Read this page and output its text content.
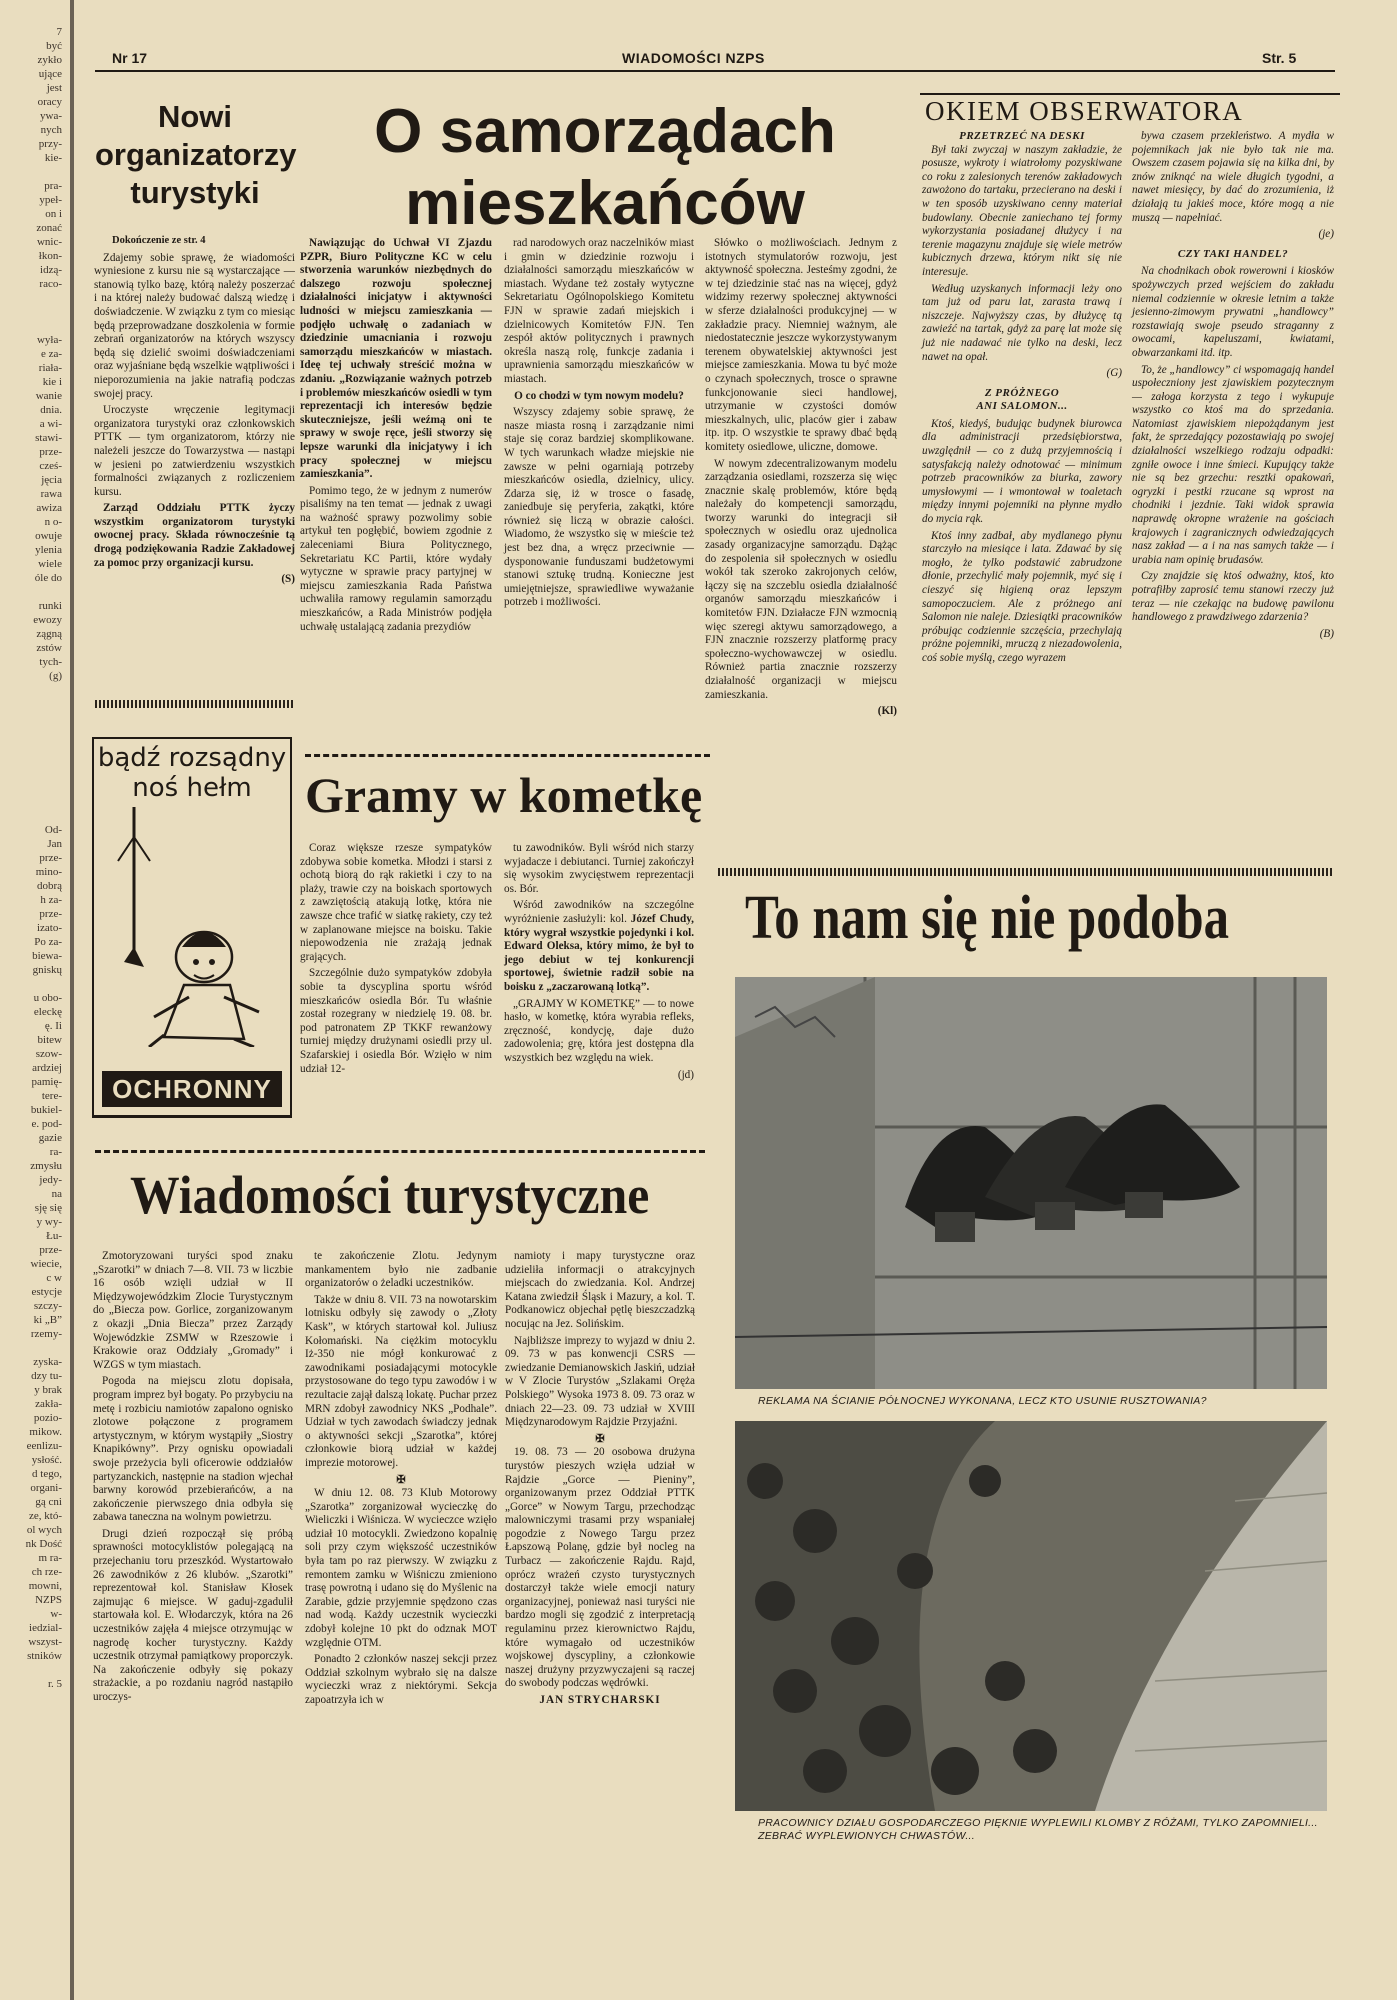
7
być
zykło
ujące
jest
oracy
ywa-
nych
przy-
kie-
pra-
ypeł-
on i
zonać
wnic-
łkon-
idzą-
raco-
wyła-
e za-
riała-
kie i
wanie
dnia.
a wi-
stawi-
prze-
cześ-
jęcia
rawa
awiza
n o-
owuje
ylenia
wiele
óle do
runki
ewozy
zągną
zstów
tych-
(g)
Od-
Jan
prze-
mino-
dobrą
h za-
prze-
izato-
Po za-
biewa-
gniskų
u obo-
eleckę
ę. Ii
bitew
szow-
ardziej
pamię-
tere-
bukiel-
e. pod-
gazie
ra-
zmysłu
jedy-
na
sję się
y wy-
Łu-
prze-
wiecie,
c w
estycje
szczy-
ki „B”
rzemy-
zyska-
dzy tu-
y brak
zakła-
pozio-
mikow.
eenlizu-
ysłość.
d tego,
organi-
gą cni
ze, któ-
ol wych
nk Dość
m ra-
ch rze-
mowni,
NZPS
w-
iedzial-
wszyst-
stników
r. 5
Nr 17	WIADOMOŚCI NZPS	Str. 5
Nowi
organizatorzy
turystyki
Dokończenie ze str. 4

Zdajemy sobie sprawę, że wiadomości wyniesione z kursu nie są wystarczające — stanowią tylko bazę, którą należy poszerzać i na której należy budować dalszą wiedzę i doświadczenie. W związku z tym co miesiąc będą przeprowadzane doszkolenia w formie zebrań organizatorów na których wszyscy będą się dzielić swoimi doświadczeniami oraz wyjaśniane będą wszelkie wątpliwości i nieporozumienia na jakie natrafią podczas swojej pracy.

Uroczyste wręczenie legitymacji organizatora turystyki oraz członkowskich PTTK — tym organizatorom, którzy nie należeli jeszcze do Towarzystwa — nastąpi w jesieni po zatwierdzeniu wszystkich formalności związanych z rozliczeniem kursu.

Zarząd Oddziału PTTK życzy wszystkim organizatorom turystyki owocnej pracy. Składa równocześnie tą drogą podziękowania Radzie Zakładowej za pomoc przy organizacji kursu.

(S)
bądź rozsądny
noś hełm
OCHRONNY
O samorządach
mieszkańców

Nawiązując do Uchwał VI Zjazdu PZPR, Biuro Polityczne KC w celu stworzenia warunków niezbędnych do dalszego rozwoju społecznej działalności inicjatyw i aktywności ludności w miejscu zamieszkania — podjęło uchwałę o zadaniach w dziedzinie umacniania i rozwoju samorządu mieszkańców w miastach. Ideę tej uchwały streścić można w zdaniu. „Rozwiązanie ważnych potrzeb i problemów mieszkańców osiedli w tym reprezentacji ich interesów będzie skuteczniejsze, jeśli weźmą oni te sprawy w swoje ręce, jeśli stworzy się lepsze warunki dla inicjatywy i ich pracy społecznej w miejscu zamieszkania”.

Pomimo tego, że w jednym z numerów pisaliśmy na ten temat — jednak z uwagi na ważność sprawy pozwolimy sobie artykuł ten pogłębić, bowiem zgodnie z zaleceniami Biura Politycznego, Sekretariatu KC Partii, które wydały wytyczne w sprawie pracy partyjnej w miejscu zamieszkania Rada Państwa uchwaliła ramowy regulamin samorządu mieszkańców, a Rada Ministrów podjęła uchwałę ustalającą zadania prezydiów

rad narodowych oraz naczelników miast i gmin w dziedzinie rozwoju i działalności samorządu mieszkańców w miastach. Wydane też zostały wytyczne Sekretariatu Ogólnopolskiego Komitetu FJN w sprawie zadań miejskich i dzielnicowych Komitetów FJN. Ten zespół aktów politycznych i prawnych określa naszą rolę, funkcje zadania i uprawnienia samorządu mieszkańców w miastach.

O co chodzi w tym nowym modelu?

Wszyscy zdajemy sobie sprawę, że nasze miasta rosną i zarządzanie nimi staje się coraz bardziej skomplikowane. W tych warunkach władze miejskie nie zawsze w pełni ogarniają potrzeby mieszkańców osiedla, dzielnicy, ulicy. Zdarza się, iż w trosce o fasadę, zaniedbuje się peryferia, zakątki, które również się liczą w obrazie całości. Wiadomo, że wszystko się w mieście też jest bez dna, a wręcz przeciwnie — dysponowanie funduszami budżetowymi stanowi sztukę trudną. Konieczne jest umiejętniejsze, sprawiedliwe wyważanie potrzeb i możliwości.

Słówko o możliwościach. Jednym z istotnych stymulatorów rozwoju, jest aktywność społeczna. Jesteśmy zgodni, że w tej dziedzinie stać nas na więcej, gdyż widzimy rezerwy społecznej aktywności w sferze działalności produkcyjnej — w zakładzie pracy. Niemniej ważnym, ale niedostatecznie jeszcze wykorzystywanym terenem obywatelskiej aktywności jest miejsce zamieszkania. Mowa tu być może o czynach społecznych, trosce o sprawne funkcjonowanie sieci handlowej, utrzymanie w czystości domów mieszkalnych, ulic, placów gier i zabaw itp. itp. O wszystkie te sprawy dbać będą komitety osiedlowe, uliczne, domowe.

W nowym zdecentralizowanym modelu zarządzania osiedlami, rozszerza się więc znacznie skalę problemów, które będą należały do kompetencji samorządu, tworzy warunki do integracji sił społecznych w osiedlu oraz ujednolica zasady organizacyjne samorządu. Dążąc do zespolenia sił społecznych w osiedlu wokół tak szeroko zakrojonych celów, łączy się na szczeblu osiedla działalność organów samorządu mieszkańców i komitetów FJN. Działacze FJN wzmocnią więc szeregi aktywu samorządowego, a FJN znacznie rozszerzy platformę pracy społeczno-wychowawczej w osiedlu. Również partia znacznie rozszerzy działalność organizacji w miejscu zamieszkania.

(Kl)
Gramy w kometkę

Coraz większe rzesze sympatyków zdobywa sobie kometka. Młodzi i starsi z ochotą biorą do rąk rakietki i czy to na plaży, trawie czy na boiskach sportowych z zawziętością atakują lotkę, która nie zawsze chce trafić w siatkę rakiety, czy też w zaplanowane miejsce na boisku. Takie niepowodzenia nie zrażają jednak grających.

Szczególnie dużo sympatyków zdobyła sobie ta dyscyplina sportu wśród mieszkańców osiedla Bór. Tu właśnie został rozegrany w niedzielę 19. 08. br. pod patronatem ZP TKKF rewanżowy turniej między drużynami osiedli przy ul. Szafarskiej i osiedla Bór. Wzięło w nim udział 12-

tu zawodników. Byli wśród nich starzy wyjadacze i debiutanci. Turniej zakończył się wysokim zwycięstwem reprezentacji os. Bór.

Wśród zawodników na szczególne wyróżnienie zasłużyli: kol. Józef Chudy, który wygrał wszystkie pojedynki i kol. Edward Oleksa, który mimo, że był to jego debiut w tej konkurencji sportowej, świetnie radził sobie na boisku z „zaczarowaną lotką”.

„GRAJMY W KOMETKĘ” — to nowe hasło, w kometkę, która wyrabia refleks, zręczność, kondycję, daje dużo zadowolenia; grę, która jest dostępna dla wszystkich bez względu na wiek.

(jd)
Wiadomości turystyczne

Zmotoryzowani turyści spod znaku „Szarotki” w dniach 7—8. VII. 73 w liczbie 16 osób wzięli udział w II Międzywojewódzkim Zlocie Turystycznym do „Biecza pow. Gorlice, zorganizowanym z okazji „Dnia Biecza” przez Zarządy Wojewódzkie ZSMW w Rzeszowie i Krakowie oraz Oddziały „Gromady” i WZGS w tym miastach.

Pogoda na miejscu zlotu dopisała, program imprez był bogaty. Po przybyciu na metę i rozbiciu namiotów zapalono ognisko zlotowe połączone z programem artystycznym, w którym wystąpiły „Siostry Knapikówny”. Przy ognisku opowiadali swoje przeżycia byli oficerowie oddziałów partyzanckich, następnie na stadion wjechał barwny korowód przebierańców, a na zakończenie pierwszego dnia odbyła się zabawa taneczna na wolnym powietrzu.

Drugi dzień rozpoczął się próbą sprawności motocyklistów polegającą na przejechaniu toru przeszkód. Wystartowało 26 zawodników z 26 klubów. „Szarotki” reprezentował kol. Stanisław Kłosek zajmując 6 miejsce. W gaduj-zgadulił startowała kol. E. Włodarczyk, która na 26 uczestników zajęła 4 miejsce otrzymując w nagrodę kocher turystyczny. Każdy uczestnik otrzymał pamiątkowy proporczyk. Na zakończenie odbyły się pokazy strażackie, a po rozdaniu nagród nastąpiło uroczys-

te zakończenie Zlotu. Jedynym mankamentem było nie zadbanie organizatorów o żeladki uczestników.

Także w dniu 8. VII. 73 na nowotarskim lotnisku odbyły się zawody o „Złoty Kask”, w których startował kol. Juliusz Kołomański. Na ciężkim motocyklu Iż-350 nie mógł konkurować z zawodnikami posiadającymi motocykle przystosowane do tego typu zawodów i w rezultacie zajął dalszą lokatę. Puchar przez MRN zdobył zawodnicy NKS „Podhale”. Udział w tych zawodach świadczy jednak o aktywności sekcji „Szarotka”, której członkowie biorą udział w każdej imprezie motorowej.

✠

W dniu 12. 08. 73 Klub Motorowy „Szarotka” zorganizował wycieczkę do Wieliczki i Wiśnicza. W wycieczce wzięło udział 10 motocykli. Zwiedzono kopalnię soli przy czym większość uczestników była tam po raz pierwszy. W związku z remontem zamku w Wiśniczu zmieniono trasę powrotną i udano się do Myślenic na Zarabie, gdzie przyjemnie spędzono czas nad wodą. Każdy uczestnik wycieczki zdobył kolejne 10 pkt do odznak MOT względnie OTM.

Ponadto 2 członków naszej sekcji przez Oddział szkolnym wybrało się na dalsze wycieczki wraz z niektórymi. Sekcja zapoatrzyła ich w

namioty i mapy turystyczne oraz udzieliła informacji o atrakcyjnych miejscach do zwiedzania. Kol. Andrzej Katana zwiedził Śląsk i Mazury, a kol. T. Podkanowicz objechał pętlę bieszczadzką nocując na Jez. Solińskim.

Najbliższe imprezy to wyjazd w dniu 2. 09. 73 w pas konwencji CSRS — zwiedzanie Demianowskich Jaskiń, udział w V Zlocie Turystów „Szlakami Oręża Polskiego” Wysoka 1973 8. 09. 73 oraz w dniach 22—23. 09. 73 udział w XVIII Międzynarodowym Rajdzie Przyjaźni.

✠

19. 08. 73 — 20 osobowa drużyna turystów pieszych wzięła udział w Rajdzie „Gorce — Pieniny”, organizowanym przez Oddział PTTK „Gorce” w Nowym Targu, przechodząc malowniczymi trasami przy wspaniałej pogodzie z Nowego Targu przez Łapszową Polanę, gdzie był nocleg na Turbacz — zakończenie Rajdu. Rajd, oprócz wrażeń czysto turystycznych dostarczył także wiele emocji natury organizacyjnej, ponieważ nasi turyści nie bardzo mogli się zgodzić z interpretacją regulaminu przez kierownictwo Rajdu, które wymagało od uczestników wojskowej dyscypliny, a członkowie naszej drużyny przyzwyczajeni są raczej do swobody podczas wędrówki.

JAN STRYCHARSKI
OKIEM OBSERWATORA
PRZETRZEĆ NA DESKI

Był taki zwyczaj w naszym zakładzie, że posusze, wykroty i wiatrołomy pozyskiwane co roku z zalesionych terenów zakładowych zawożono do tartaku, przecierano na deski i w ten sposób uzyskiwano cenny materiał budowlany. Obecnie zaniechano tej formy wykorzystania posiadanej dłużycy i na terenie magazynu znajduje się wiele metrów kubicznych drzewa, którym nikt się nie interesuje.

Według uzyskanych informacji leży ono tam już od paru lat, zarasta trawą i niszczeje. Najwyższy czas, by dłużycę tą zawieźć na tartak, gdyż za parę lat może się już nie nadawać nie tylko na deski, lecz nawet na opał.

(G)
Z PRÓŻNEGO
ANI SALOMON...

Ktoś, kiedyś, budując budynek biurowca dla administracji przedsiębiorstwa, uwzględnił — co z dużą przyjemnością i satysfakcją należy odnotować — minimum potrzeb pracowników za biurka, zawory umysłowymi — i wmontował w toaletach między innymi pojemniki na płynne mydło do mycia rąk.

Ktoś inny zadbał, aby mydlanego płynu starczyło na miesiące i lata. Zdawać by się mogło, że tylko podstawić zabrudzone dłonie, przechylić mały pojemnik, myć się i cieszyć się higieną oraz lepszym samopoczuciem. Ale z próżnego ani Salomon nie naleje. Dziesiątki pracowników próbując codziennie szczęścia, przechylają próżne pojemniki, mruczą z niezadowolenia, coś sobie myślą, czego wyrazem

bywa czasem przekleństwo. A mydła w pojemnikach jak nie było tak nie ma. Owszem czasem pojawia się na kilka dni, by znów zniknąć na wiele długich tygodni, a nawet miesięcy, by dać do zrozumienia, iż działają tu jakieś moce, które mogą a nie muszą — napełniać.

(je)
CZY TAKI HANDEL?

Na chodnikach obok rowerowni i kiosków spożywczych przed wejściem do zakładu niemal codziennie w okresie letnim a także jesienno-zimowym prywatni „handlowcy” rozstawiają swoje pseudo straganny z owocami, kapeluszami, kwiatami, obwarzankami itd. itp.

To, że „handlowcy” ci wspomagają handel uspołeczniony jest zjawiskiem pozytecznym — załoga korzysta z tego i wykupuje wszystko co ktoś ma do sprzedania. Natomiast zjawiskiem niepożądanym jest fakt, że sprzedający pozostawiają po swojej działalności wszelkiego rodzaju odpadki: zgniłe owoce i inne śmieci. Kupujący także nie są bez grzechu: resztki opakowań, ogryzki i pestki rzucane są wprost na chodniki i jezdnie. Taki widok sprawia naprawdę okropne wrażenie na gościach krajowych i zagranicznych odwiedzających nasz zakład — a i na nas samych także — i urabia nam opinię brudasów.

Czy znajdzie się ktoś odważny, ktoś, kto potrafiłby zaprosić temu stanowi rzeczy już teraz — nie czekając na budowę pawilonu handlowego z prawdziwego zdarzenia?

(B)
To nam się nie podoba
REKLAMA NA ŚCIANIE PÓŁNOCNEJ WYKONANA, LECZ KTO USUNIE RUSZTOWANIA?
PRACOWNICY DZIAŁU GOSPODARCZEGO PIĘKNIE WYPLEWILI KLOMBY Z RÓŻAMI, TYLKO ZAPOMNIELI... ZEBRAĆ WYPLEWIONYCH CHWASTÓW...
